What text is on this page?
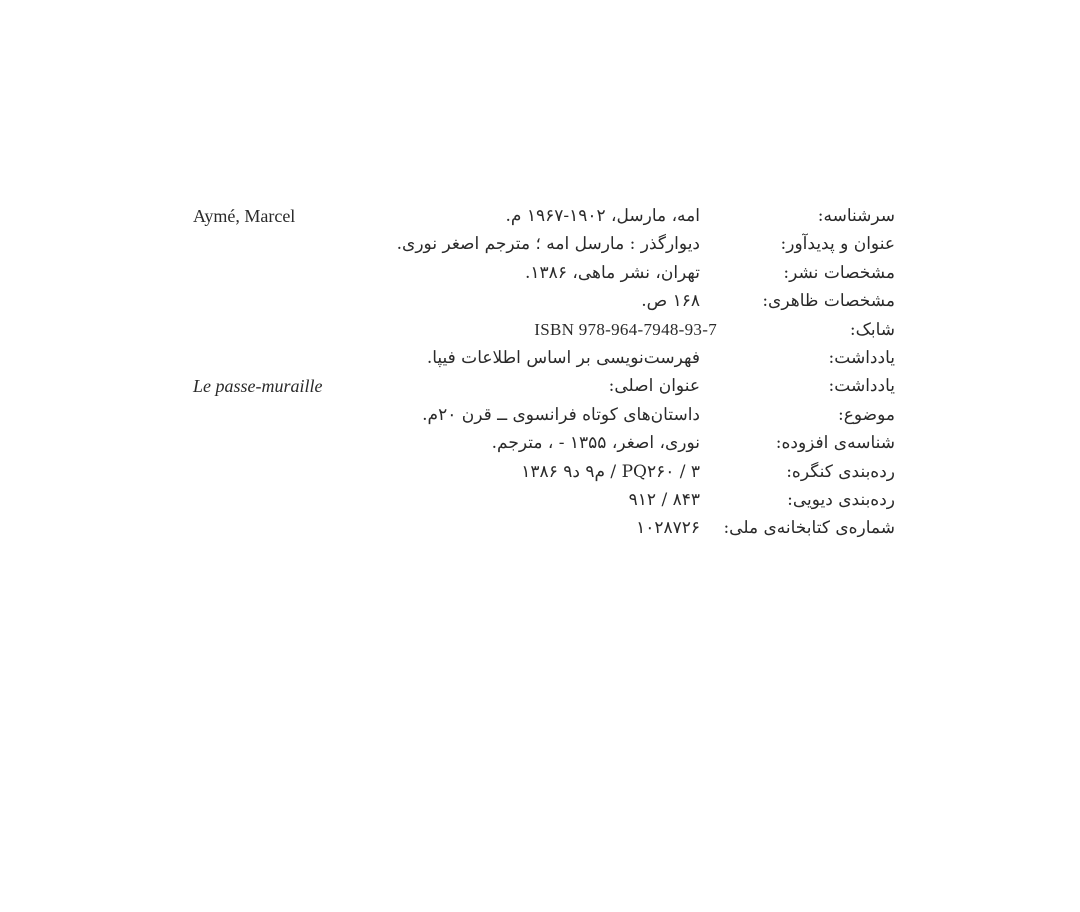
سرشناسه:
امه، مارسل، ۱۹۰۲-۱۹۶۷ م.
Aymé, Marcel
عنوان و پدیدآور:
دیوارگذر : مارسل امه ؛ مترجم اصغر نوری.
مشخصات نشر:
تهران، نشر ماهی، ۱۳۸۶.
مشخصات ظاهری:
۱۶۸ ص.
شابک:
ISBN 978-964-7948-93-7
یادداشت:
فهرست‌نویسی بر اساس اطلاعات فیپا.
یادداشت:
عنوان اصلی:
Le passe-muraille
موضوع:
داستان‌های کوتاه فرانسوی ــ قرن ۲۰م.
شناسه‌ی افزوده:
نوری، اصغر، ۱۳۵۵ - ، مترجم.
رده‌بندی کنگره:
PQ۲۶۰ / ۳ / م۹ د۹ ۱۳۸۶
رده‌بندی دیویی:
۸۴۳ / ۹۱۲
شماره‌ی کتابخانه‌ی ملی:
۱۰۲۸۷۲۶
